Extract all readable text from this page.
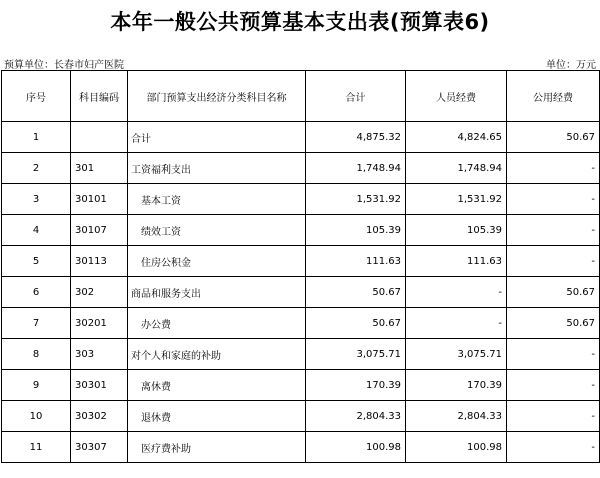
本年一般公共预算基本支出表(预算表6)
预算单位：长春市妇产医院	单位：万元
序号	科目编码	部门预算支出经济分类科目名称	合计	人员经费	公用经费
1		合计	4,875.32	4,824.65	50.67
2	301	工资福利支出	1,748.94	1,748.94	-
3	30101	基本工资	1,531.92	1,531.92	-
4	30107	绩效工资	105.39	105.39	-
5	30113	住房公积金	111.63	111.63	-
6	302	商品和服务支出	50.67	-	50.67
7	30201	办公费	50.67	-	50.67
8	303	对个人和家庭的补助	3,075.71	3,075.71	-
9	30301	离休费	170.39	170.39	-
10	30302	退休费	2,804.33	2,804.33	-
11	30307	医疗费补助	100.98	100.98	-
